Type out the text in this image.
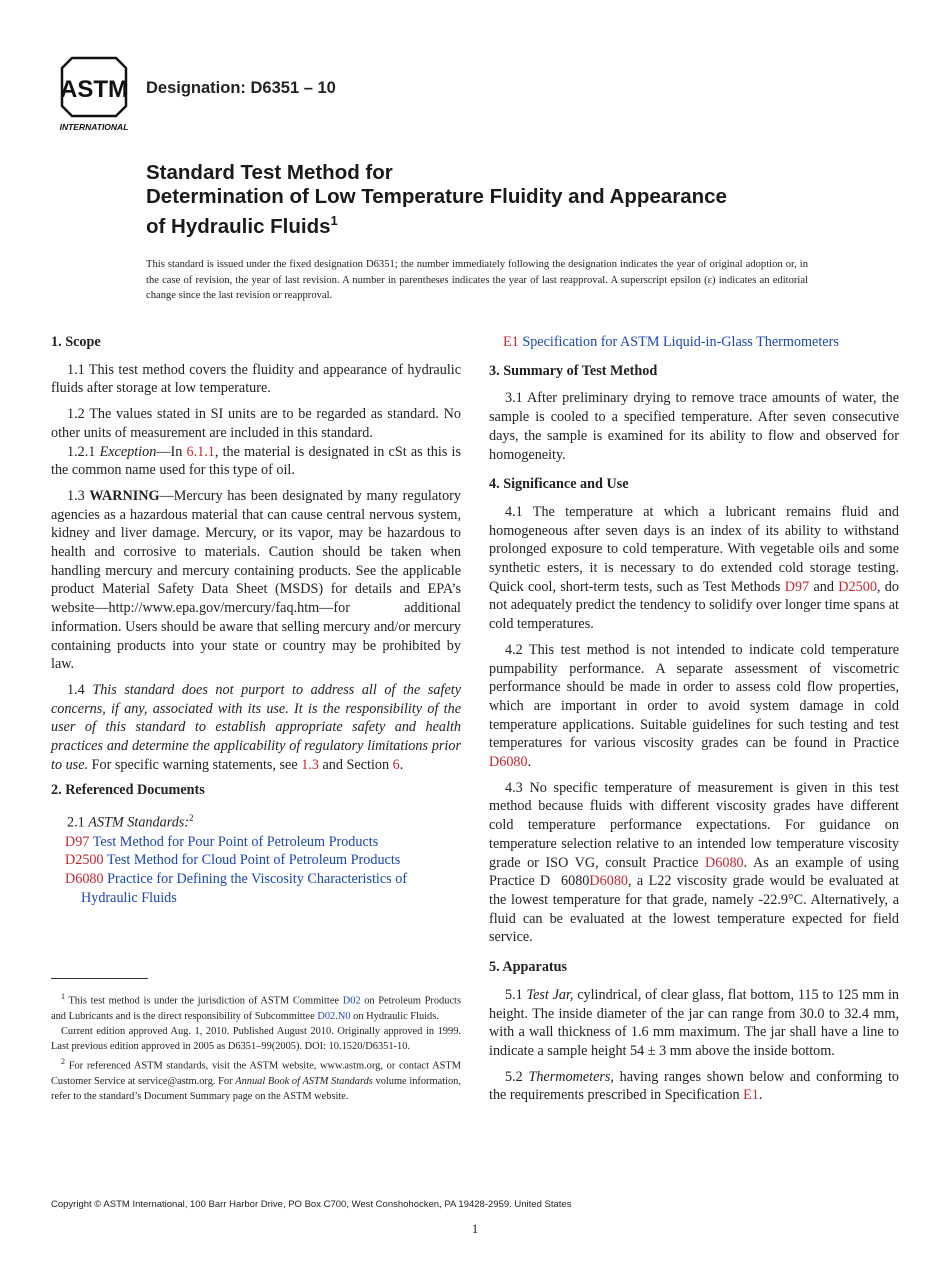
ASTM
INTERNATIONAL
Designation: D6351 – 10
Standard Test Method for
Determination of Low Temperature Fluidity and Appearance
of Hydraulic Fluids$^1$
This standard is issued under the fixed designation D6351; the number immediately following the designation indicates the year of original adoption or, in the case of revision, the year of last revision. A number in parentheses indicates the year of last reapproval. A superscript epsilon (ε) indicates an editorial change since the last revision or reapproval.
1. Scope

1.1 This test method covers the fluidity and appearance of hydraulic fluids after storage at low temperature.

1.2 The values stated in SI units are to be regarded as standard. No other units of measurement are included in this standard.

1.2.1 Exception—In 6.1.1, the material is designated in cSt as this is the common name used for this type of oil.

1.3 WARNING—Mercury has been designated by many regulatory agencies as a hazardous material that can cause central nervous system, kidney and liver damage. Mercury, or its vapor, may be hazardous to health and corrosive to materials. Caution should be taken when handling mercury and mercury containing products. See the applicable product Material Safety Data Sheet (MSDS) for details and EPA’s website—http://www.epa.gov/mercury/faq.htm—for additional information. Users should be aware that selling mercury and/or mercury containing products into your state or country may be prohibited by law.

1.4 This standard does not purport to address all of the safety concerns, if any, associated with its use. It is the responsibility of the user of this standard to establish appropriate safety and health practices and determine the applicability of regulatory limitations prior to use. For specific warning statements, see 1.3 and Section 6.

2. Referenced Documents

2.1 ASTM Standards:$^2$

D97 Test Method for Pour Point of Petroleum Products

D2500 Test Method for Cloud Point of Petroleum Products

D6080 Practice for Defining the Viscosity Characteristics of Hydraulic Fluids

E1 Specification for ASTM Liquid-in-Glass Thermometers

3. Summary of Test Method

3.1 After preliminary drying to remove trace amounts of water, the sample is cooled to a specified temperature. After seven consecutive days, the sample is examined for its ability to flow and observed for homogeneity.

4. Significance and Use

4.1 The temperature at which a lubricant remains fluid and homogeneous after seven days is an index of its ability to withstand prolonged exposure to cold temperature. With vegetable oils and some synthetic esters, it is necessary to do extended cold storage testing. Quick cool, short-term tests, such as Test Methods D97 and D2500, do not adequately predict the tendency to solidify over longer time spans at cold temperatures.

4.2 This test method is not intended to indicate cold temperature pumpability performance. A separate assessment of viscometric performance should be made in order to assess cold flow properties, which are important in order to avoid system damage in cold temperature applications. Suitable guidelines for such testing and test temperatures for various viscosity grades can be found in Practice D6080.

4.3 No specific temperature of measurement is given in this test method because fluids with different viscosity grades have different cold temperature performance expectations. For guidance on temperature selection relative to an intended low temperature viscosity grade or ISO VG, consult Practice D6080. As an example of using Practice D  6080D6080, a L22 viscosity grade would be evaluated at the lowest temperature for that grade, namely -22.9°C. Alternatively, a fluid can be evaluated at the lowest temperature expected for field service.

5. Apparatus

5.1 Test Jar, cylindrical, of clear glass, flat bottom, 115 to 125 mm in height. The inside diameter of the jar can range from 30.0 to 32.4 mm, with a wall thickness of 1.6 mm maximum. The jar shall have a line to indicate a sample height 54 ± 3 mm above the inside bottom.

5.2 Thermometers, having ranges shown below and conforming to the requirements prescribed in Specification E1.

$^1$ This test method is under the jurisdiction of ASTM Committee D02 on Petroleum Products and Lubricants and is the direct responsibility of Subcommittee D02.N0 on Hydraulic Fluids.

Current edition approved Aug. 1, 2010. Published August 2010. Originally approved in 1999. Last previous edition approved in 2005 as D6351–99(2005). DOI: 10.1520/D6351-10.

$^2$ For referenced ASTM standards, visit the ASTM website, www.astm.org, or contact ASTM Customer Service at service@astm.org. For Annual Book of ASTM Standards volume information, refer to the standard’s Document Summary page on the ASTM website.

Copyright © ASTM International, 100 Barr Harbor Drive, PO Box C700, West Conshohocken, PA 19428-2959. United States
1
